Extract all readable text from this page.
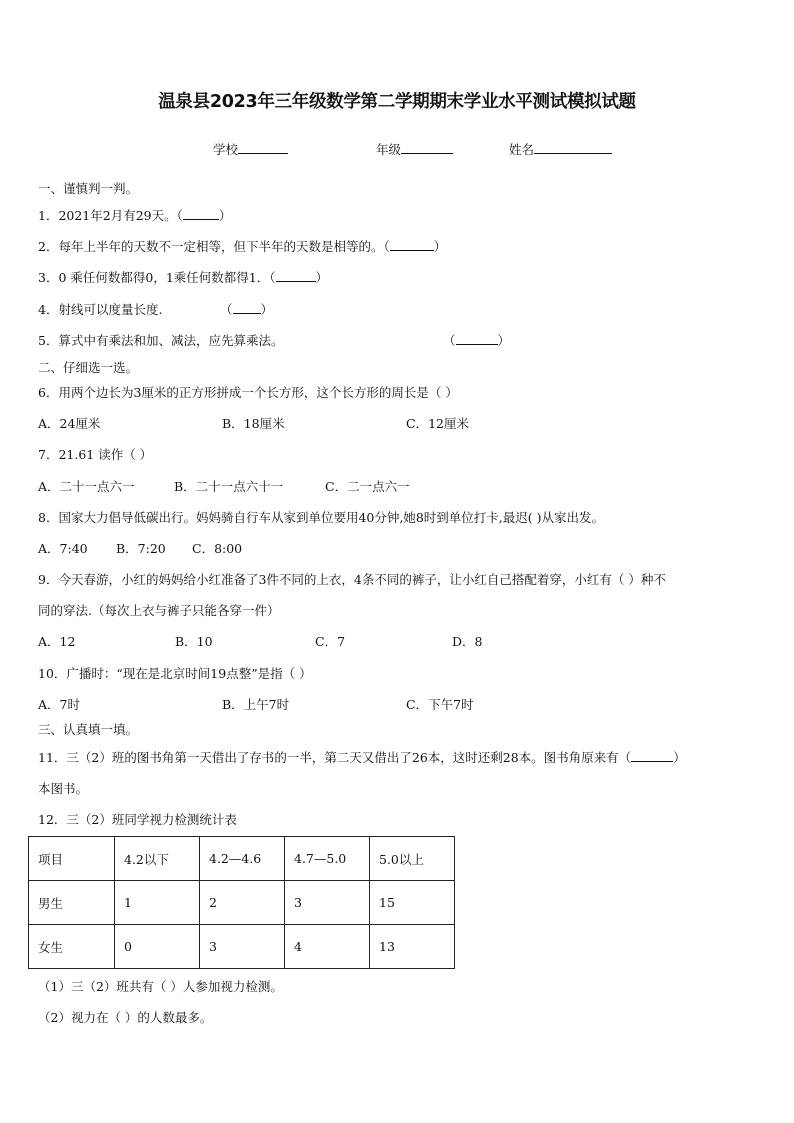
温泉县2023年三年级数学第二学期期末学业水平测试模拟试题
学校	年级	姓名
一、谨慎判一判。
1．2021年2月有29天。（	）
2．每年上半年的天数不一定相等，但下半年的天数是相等的。（	）
3．0 乘任何数都得0，1乘任何数都得1．（	）
4．射线可以度量长度.	（ ）
5．算式中有乘法和加、减法，应先算乘法。	（	）
二、仔细选一选。
6．用两个边长为3厘米的正方形拼成一个长方形，这个长方形的周长是（ ）
A．24厘米	B．18厘米	C．12厘米
7．21.61 读作（ ）
A．二十一点六一	B．二十一点六十一	C．二一点六一
8．国家大力倡导低碳出行。妈妈骑自行车从家到单位要用40分钟,她8时到单位打卡,最迟( )从家出发。
A．7:40 B．7:20 C．8:00
9．今天春游，小红的妈妈给小红准备了3件不同的上衣，4条不同的裤子，让小红自己搭配着穿，小红有（ ）种不
同的穿法.（每次上衣与裤子只能各穿一件）
A．12	B．10	C．7	D．8
10．广播时：“现在是北京时间19点整”是指（ ）
A．7时	B．上午7时	C．下午7时
三、认真填一填。
11．三（2）班的图书角第一天借出了存书的一半，第二天又借出了26本，这时还剩28本。图书角原来有（	）
本图书。
12．三（2）班同学视力检测统计表
项目	4.2以下	4.2—4.6	4.7—5.0	5.0以上
男生	1	2	3	15
女生	0	3	4	13
（1）三（2）班共有（ ）人参加视力检测。
（2）视力在（ ）的人数最多。
